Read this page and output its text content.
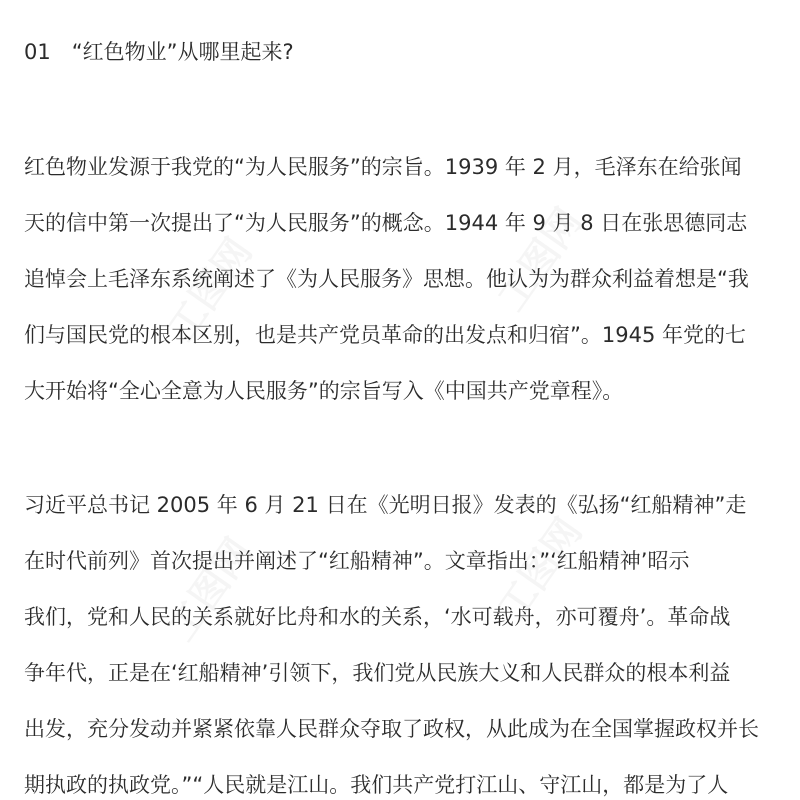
工图网	工图网
工图网	工图网
01　“红色物业”从哪里起来?
红色物业发源于我党的“为人民服务”的宗旨。1939 年 2 月，毛泽东在给张闻
天的信中第一次提出了“为人民服务”的概念。1944 年 9 月 8 日在张思德同志
追悼会上毛泽东系统阐述了《为人民服务》思想。他认为为群众利益着想是“我
们与国民党的根本区别，也是共产党员革命的出发点和归宿”。1945 年党的七
大开始将“全心全意为人民服务”的宗旨写入《中国共产党章程》。
习近平总书记 2005 年 6 月 21 日在《光明日报》发表的《弘扬“红船精神”走
在时代前列》首次提出并阐述了“红船精神”。文章指出：”‘红船精神’昭示
我们，党和人民的关系就好比舟和水的关系，‘水可载舟，亦可覆舟’。革命战
争年代，正是在‘红船精神’引领下，我们党从民族大义和人民群众的根本利益
出发，充分发动并紧紧依靠人民群众夺取了政权，从此成为在全国掌握政权并长
期执政的执政党。”“人民就是江山。我们共产党打江山、守江山，都是为了人
